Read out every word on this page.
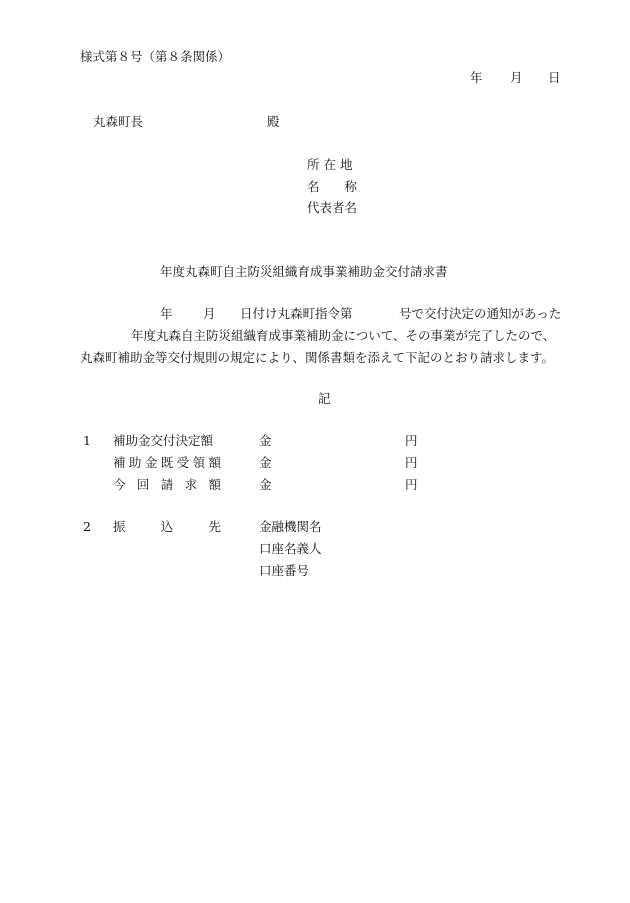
様式第８号（第８条関係）
年 月 日
丸森町長	殿
所 在 地
名　　称
代表者名
年度丸森町自主防災組織育成事業補助金交付請求書
年 月 日付け丸森町指令第	号で交付決定の通知があった
年度丸森自主防災組織育成事業補助金について、その事業が完了したので、
丸森町補助金等交付規則の規定により、関係書類を添えて下記のとおり請求します。
記
1 補助金交付決定額	金	円
補 助 金 既 受 領 額	金	円
今 回 請 求 額	金	円
2 振	込	先	金融機関名
口座名義人
口座番号
